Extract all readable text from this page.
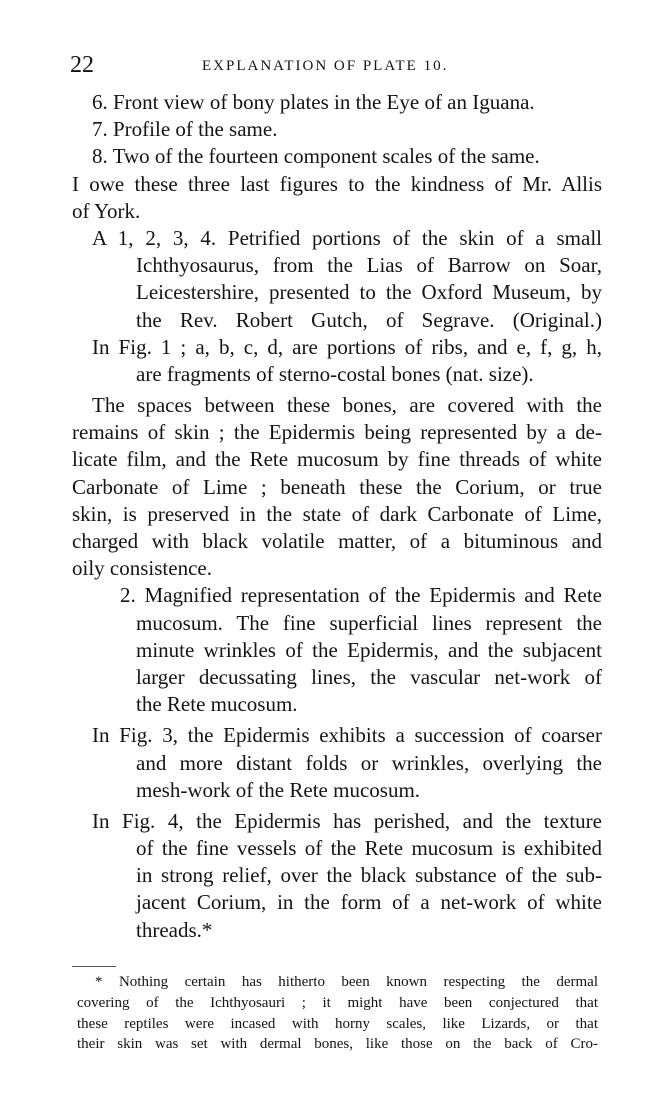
22	EXPLANATION OF PLATE 10.
6. Front view of bony plates in the Eye of an Iguana.
7. Profile of the same.
8. Two of the fourteen component scales of the same.
I owe these three last figures to the kindness of Mr. Allis
of York.
A 1, 2, 3, 4. Petrified portions of the skin of a small
Ichthyosaurus, from the Lias of Barrow on Soar,
Leicestershire, presented to the Oxford Museum, by
the Rev. Robert Gutch, of Segrave. (Original.)
In Fig. 1 ; a, b, c, d, are portions of ribs, and e, f, g, h,
are fragments of sterno-costal bones (nat. size).
The spaces between these bones, are covered with the
remains of skin ; the Epidermis being represented by a de-
licate film, and the Rete mucosum by fine threads of white
Carbonate of Lime ; beneath these the Corium, or true
skin, is preserved in the state of dark Carbonate of Lime,
charged with black volatile matter, of a bituminous and
oily consistence.
2. Magnified representation of the Epidermis and Rete
mucosum. The fine superficial lines represent the
minute wrinkles of the Epidermis, and the subjacent
larger decussating lines, the vascular net-work of
the Rete mucosum.
In Fig. 3, the Epidermis exhibits a succession of coarser
and more distant folds or wrinkles, overlying the
mesh-work of the Rete mucosum.
In Fig. 4, the Epidermis has perished, and the texture
of the fine vessels of the Rete mucosum is exhibited
in strong relief, over the black substance of the sub-
jacent Corium, in the form of a net-work of white
threads.*
* Nothing certain has hitherto been known respecting the dermal
covering of the Ichthyosauri ; it might have been conjectured that
these reptiles were incased with horny scales, like Lizards, or that
their skin was set with dermal bones, like those on the back of Cro-
